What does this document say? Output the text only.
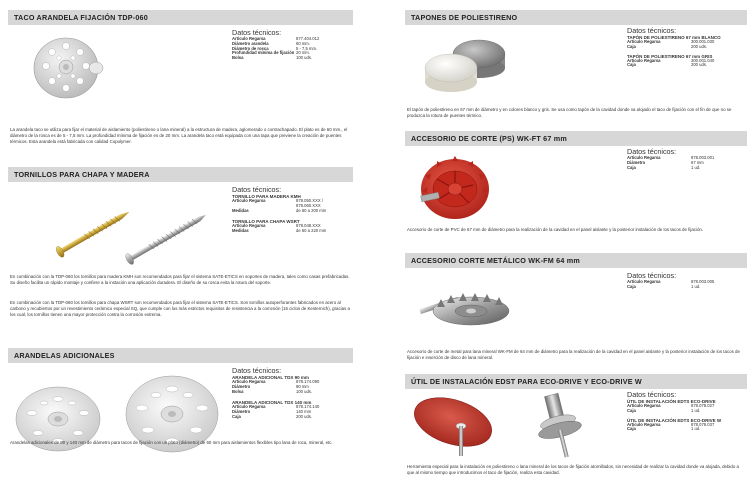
TACO ARANDELA FIJACIÓN TDP-060
Datos técnicos:
Artículo Regarsa	877.404.012
Diámetro arandela	60 mm.
Diámetro de rosca	5 - 7,5 mm.
Profundidad mínima de fijación	20 mm.
Bolsa	100 uds.
La arandela taco se utiliza para fijar el material de aislamiento (poliestireno o lana mineral) a la estructura de madera, aglomerado o contrachapado. El plato es de 60 mm., el diámetro de la rosca es de 5 - 7,5 mm. La profundidad mínima de fijación es de 20 mm. La arandela taco está equipada con una tapa que previene la creación de puentes térmicos. Esta arandela está fabricada con calidad Copolymer.
TORNILLOS PARA CHAPA Y MADERA
Datos técnicos:
TORNILLO PARA MADERA KMH
Artículo Regarsa	878.050.XXX /
	878.060.XXX
Medidas	de 60 a 200 mm
TORNILLO PARA CHAPA WSRT
Artículo Regarsa	878.048.XXX
Medidas	de 50 a 220 mm
En combinación con la TDP-060 los tornillos para madera KMH son recomendados para fijar el sistema SATE-ETICS en soportes de madera, tales como casas prefabricadas. Su diseño facilita un rápido montaje y confiere a la instación una aplicación duradera. El diseño de su rosca evita la rotura del soporte.
En combinación con la TDP-060 los tornillos para chapa WSRT son recomendados para fijar el sistema SATE-ETICS. Son tornillos autoperforantes fabricados en acero al carbono y recubiertos por un revestimiento cerámico especial SQ, que cumple con los más estrictos requisitos de resistencia a la corrosión (15 ciclos de Kesternich), gracias a los cual, los tornillos tienen una mayor protección contra la corrosión extrema.
ARANDELAS ADICIONALES
Datos técnicos:
ARANDELA ADICIONAL TDX 90 mm
Artículo Regarsa	878.174.090
Diámetro	90 mm
Bolsa	100 uds.
ARANDELA ADICIONAL TDX 140 mm
Artículo Regarsa	878.174.140
Diámetro	140 mm
Caja	200 uds.
Arandelas adicionales de 90 y 140 mm de diámetro para tacos de fijación con un plato (diámetro) de 60 mm para aislamientos flexibles tipo lana de roca, mineral, etc.
TAPONES DE POLIESTIRENO
Datos técnicos:
TAPÓN DE POLIESTIRENO 67 mm BLANCO
Artículo Regarsa	300.001.030
Caja	200 uds.
TAPÓN DE POLIESTIRENO 67 mm GRIS
Artículo Regarsa	300.001.040
Caja	200 uds.
El tapón de poliestireno en 67 mm de diámetro y en colores blanco y gris. Se usa como tapón de la cavidad donde va alojado el taco de fijación con el fin de que no se produzca la rotura de puentes térmico.
ACCESORIO DE CORTE (PS) WK-FT 67 mm
Datos técnicos:
Artículo Regarsa	878.003.001
Diámetro	67 mm
Caja	1 ud.
Accesorio de corte de PVC de 67 mm de diámetro para la realización de la cavidad en el panel aislante y la posterior instalación de los tacos de fijación.
ACCESORIO CORTE METÁLICO WK-FM 64 mm
Datos técnicos:
Artículo Regarsa	878.003.005
Caja	1 ud.
Accesorio de corte de metal para lana mineral WK-FM de 64 mm de diámetro para la realización de la cavidad en el panel aislante y la posterior instalación de los tacos de fijación e inserción de disco de lana mineral.
ÚTIL DE INSTALACIÓN EDST PARA ECO-DRIVE Y ECO-DRIVE W
Datos técnicos:
ÚTIL DE INSTALACIÓN EDTS ECO-DRIVE
Artículo Regarsa	878.078.027
Caja	1 ud.
ÚTIL DE INSTALACIÓN EDTS ECO-DRIVE W
Artículo Regarsa	878.078.037
Caja	1 ud.
Herramienta especial para la instalación en poliestireno o lana mineral de los tacos de fijación atornillados, sin necesidad de realizar la cavidad donde va alojada, debido a que al mismo tiempo que introducimos el taco de fijación, realiza esta cavidad.
